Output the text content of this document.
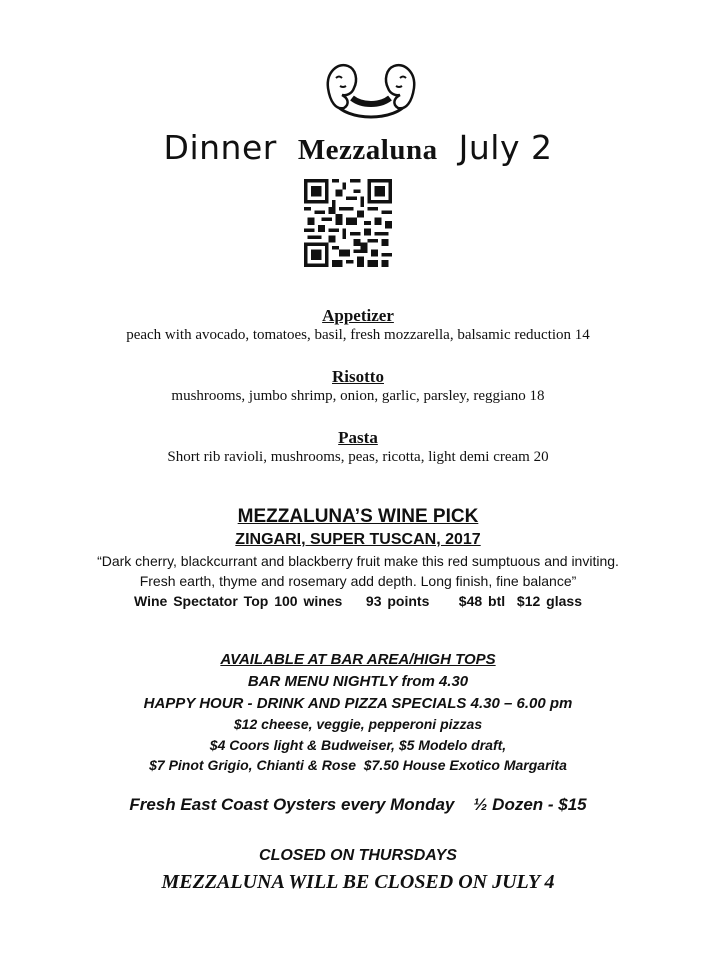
Dinner Mezzaluna July 2
Appetizer
peach with avocado, tomatoes, basil, fresh mozzarella, balsamic reduction 14
Risotto
mushrooms, jumbo shrimp, onion, garlic, parsley, reggiano 18
Pasta
Short rib ravioli, mushrooms, peas, ricotta, light demi cream 20
MEZZALUNA’S WINE PICK
ZINGARI, SUPER TUSCAN, 2017
“Dark cherry, blackcurrant and blackberry fruit make this red sumptuous and inviting.
Fresh earth, thyme and rosemary add depth. Long finish, fine balance”
Wine Spectator Top 100 wines    93 points     $48 btl  $12 glass
AVAILABLE AT BAR AREA/HIGH TOPS
BAR MENU NIGHTLY from 4.30
HAPPY HOUR - DRINK AND PIZZA SPECIALS 4.30 – 6.00 pm
$12 cheese, veggie, pepperoni pizzas
$4 Coors light & Budweiser, $5 Modelo draft,
$7 Pinot Grigio, Chianti & Rose  $7.50 House Exotico Margarita
Fresh East Coast Oysters every Monday    ½ Dozen - $15
CLOSED ON THURSDAYS
MEZZALUNA WILL BE CLOSED ON JULY 4
